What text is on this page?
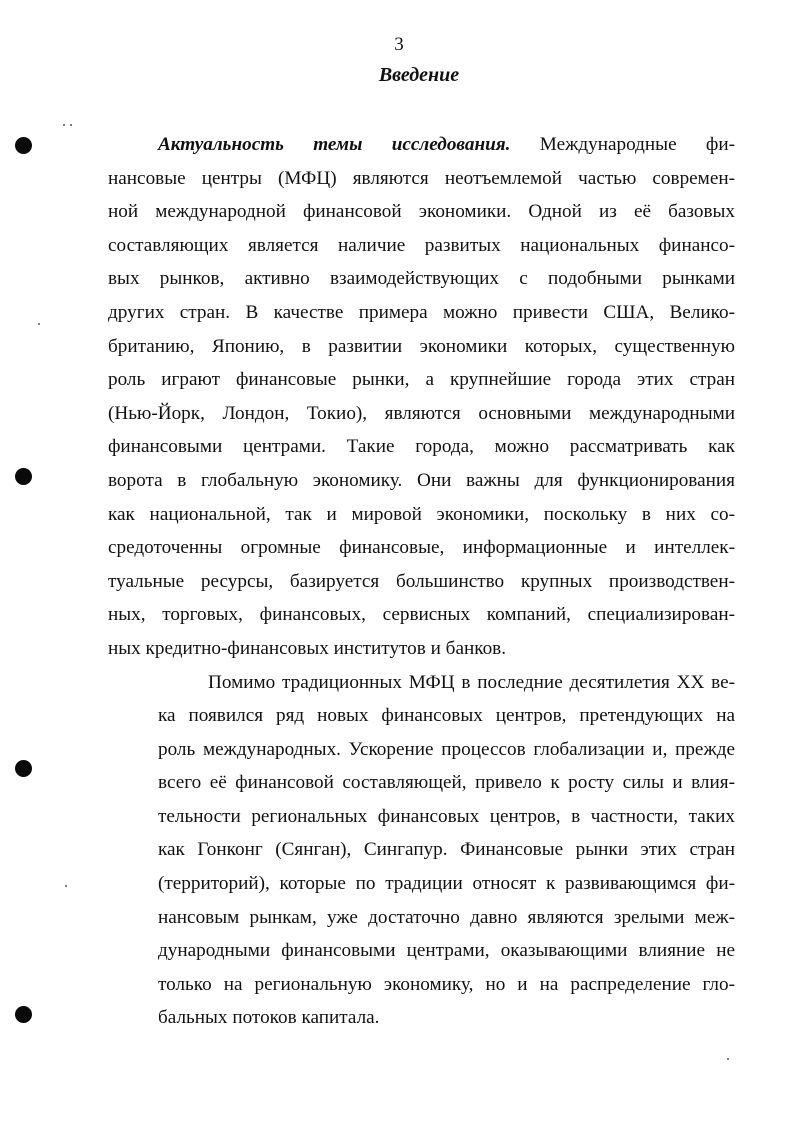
3
Введение
Актуальность темы исследования. Международные фи-
нансовые центры (МФЦ) являются неотъемлемой частью современ-
ной международной финансовой экономики. Одной из её базовых
составляющих является наличие развитых национальных финансо-
вых рынков, активно взаимодействующих с подобными рынками
других стран. В качестве примера можно привести США, Велико-
британию, Японию, в развитии экономики которых, существенную
роль играют финансовые рынки, а крупнейшие города этих стран
(Нью-Йорк, Лондон, Токио), являются основными международными
финансовыми центрами. Такие города, можно рассматривать как
ворота в глобальную экономику. Они важны для функционирования
как национальной, так и мировой экономики, поскольку в них со-
средоточенны огромные финансовые, информационные и интеллек-
туальные ресурсы, базируется большинство крупных производствен-
ных, торговых, финансовых, сервисных компаний, специализирован-
ных кредитно-финансовых институтов и банков.
Помимо традиционных МФЦ в последние десятилетия XX ве-
ка появился ряд новых финансовых центров, претендующих на
роль международных. Ускорение процессов глобализации и, прежде
всего её финансовой составляющей, привело к росту силы и влия-
тельности региональных финансовых центров, в частности, таких
как Гонконг (Сянган), Сингапур. Финансовые рынки этих стран
(территорий), которые по традиции относят к развивающимся фи-
нансовым рынкам, уже достаточно давно являются зрелыми меж-
дународными финансовыми центрами, оказывающими влияние не
только на региональную экономику, но и на распределение гло-
бальных потоков капитала.
